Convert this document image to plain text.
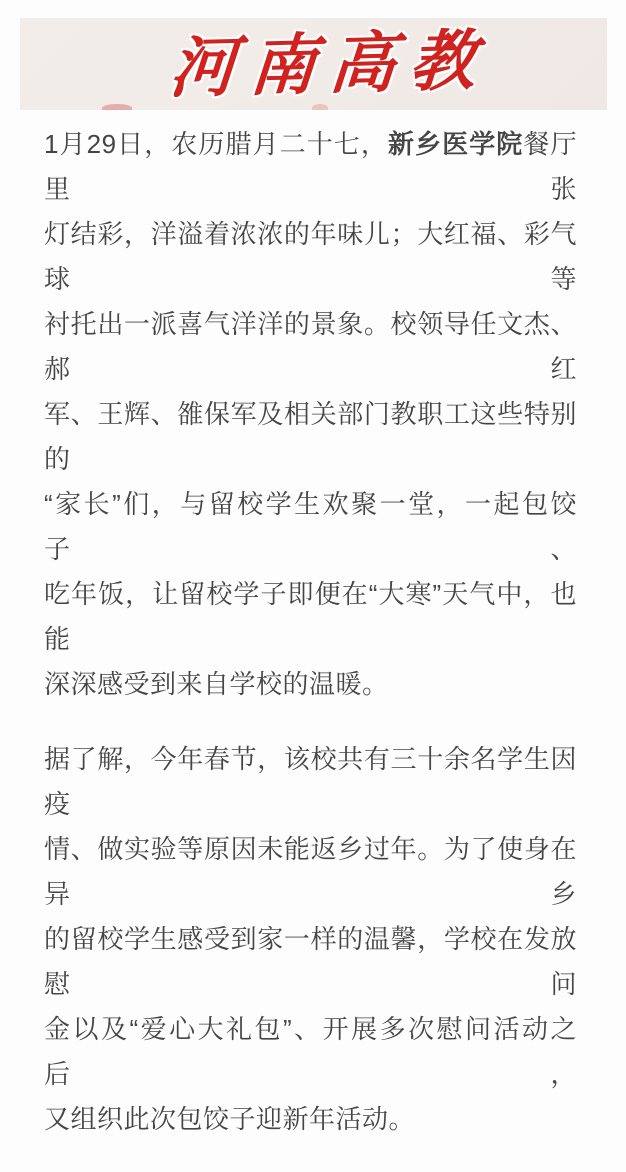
河南高教
1月29日，农历腊月二十七，新乡医学院餐厅里张
灯结彩，洋溢着浓浓的年味儿；大红福、彩气球等
衬托出一派喜气洋洋的景象。校领导任文杰、郝红
军、王辉、雒保军及相关部门教职工这些特别的
“家长”们，与留校学生欢聚一堂，一起包饺子、
吃年饭，让留校学子即便在“大寒”天气中，也能
深深感受到来自学校的温暖。
据了解，今年春节，该校共有三十余名学生因疫
情、做实验等原因未能返乡过年。为了使身在异乡
的留校学生感受到家一样的温馨，学校在发放慰问
金以及“爱心大礼包”、开展多次慰问活动之后，
又组织此次包饺子迎新年活动。
